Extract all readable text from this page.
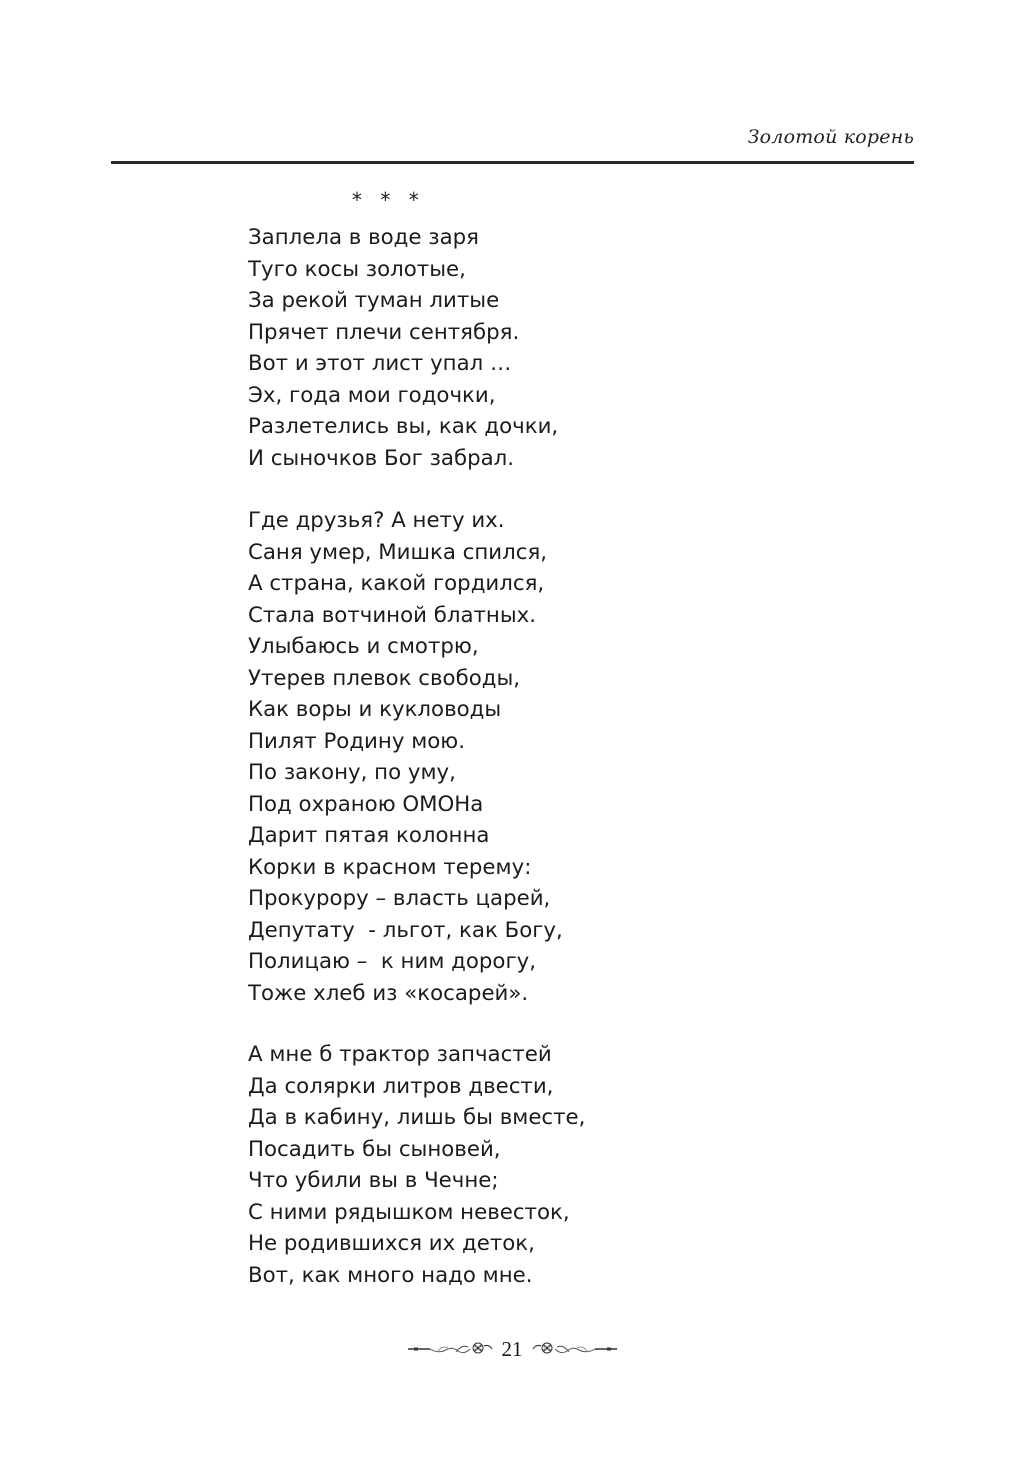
Золотой корень
* * *
Заплела в воде заря
Туго косы золотые,
За рекой туман литые
Прячет плечи сентября.
Вот и этот лист упал …
Эх, года мои годочки,
Разлетелись вы, как дочки,
И сыночков Бог забрал.
Где друзья? А нету их.
Саня умер, Мишка спился,
А страна, какой гордился,
Стала вотчиной блатных.
Улыбаюсь и смотрю,
Утерев плевок свободы,
Как воры и кукловоды
Пилят Родину мою.
По закону, по уму,
Под охраною ОМОНа
Дарит пятая колонна
Корки в красном терему:
Прокурору – власть царей,
Депутату  - льгот, как Богу,
Полицаю –  к ним дорогу,
Тоже хлеб из «косарей».
А мне б трактор запчастей
Да солярки литров двести,
Да в кабину, лишь бы вместе,
Посадить бы сыновей,
Что убили вы в Чечне;
С ними рядышком невесток,
Не родившихся их деток,
Вот, как много надо мне.
21
